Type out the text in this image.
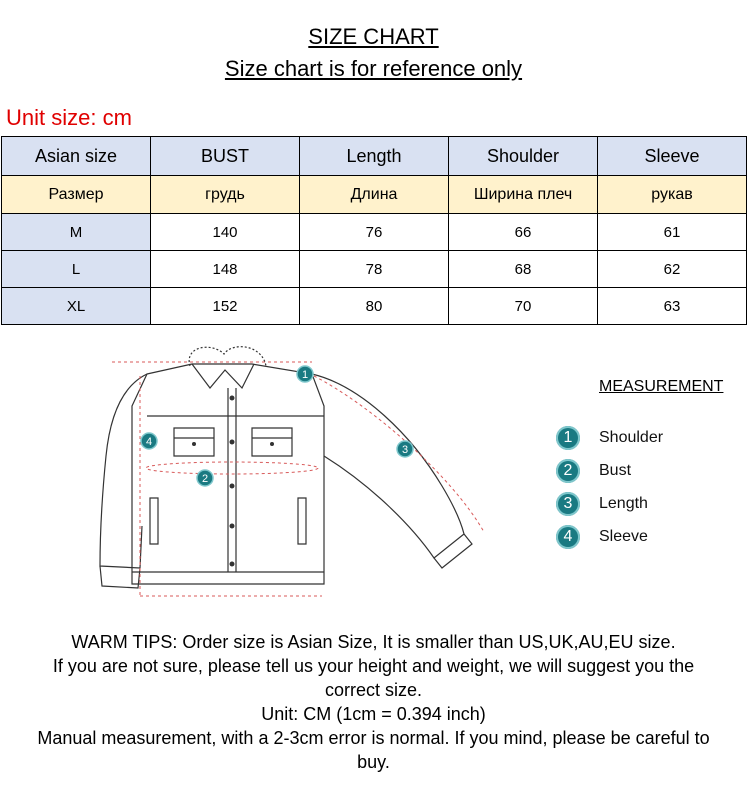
SIZE CHART
Size chart is for reference only
Unit size: cm
Asian size	BUST	Length	Shoulder	Sleeve
Размер	грудь	Длина	Ширина плеч	рукав
M	140	76	66	61
L	148	78	68	62
XL	152	80	70	63
1
2
3
4
MEASUREMENT
1	Shoulder
2	Bust
3	Length
4	Sleeve
WARM TIPS: Order size is Asian Size, It is smaller than US,UK,AU,EU size.
If you are not sure, please tell us your height and weight, we will suggest you the
correct size.
Unit: CM (1cm = 0.394 inch)
Manual measurement, with a 2-3cm error is normal. If you mind, please be careful to
buy.
